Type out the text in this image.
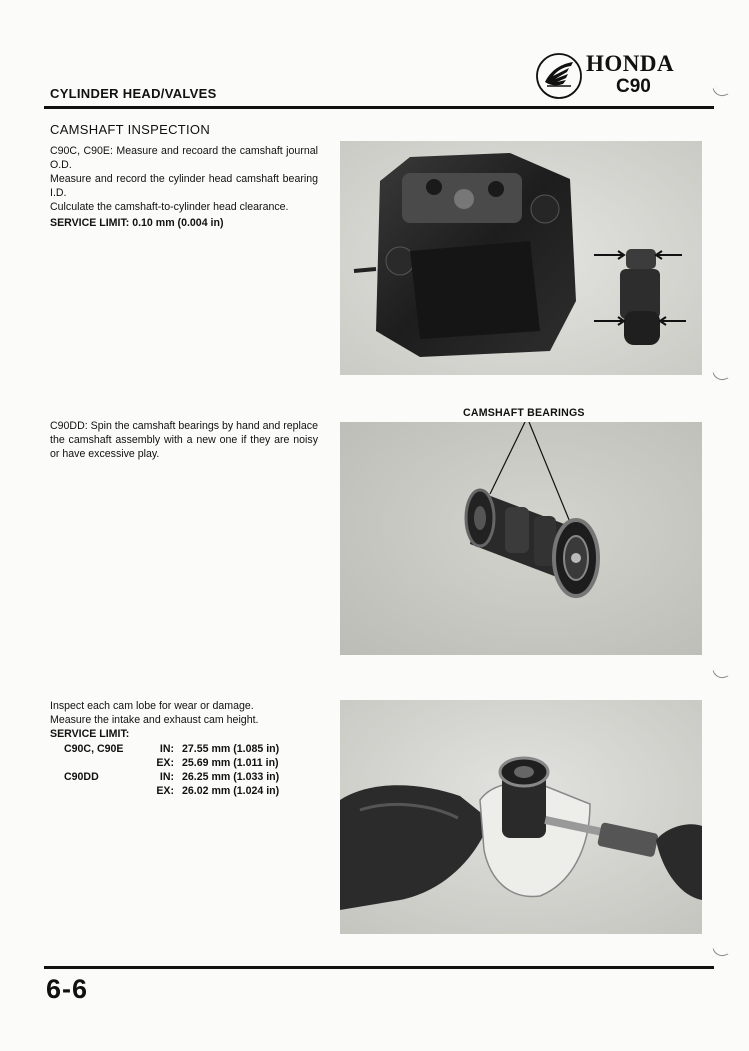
CYLINDER HEAD/VALVES
HONDA
C90
CAMSHAFT INSPECTION
C90C, C90E: Measure and recoard the camshaft journal O.D.
Measure and record the cylinder head camshaft bearing I.D.
Culculate the camshaft-to-cylinder head clearance.
SERVICE LIMIT: 0.10 mm (0.004 in)
C90DD: Spin the camshaft bearings by hand and replace the camshaft assembly with a new one if they are noisy or have excessive play.
CAMSHAFT BEARINGS
Inspect each cam lobe for wear or damage.
Measure the intake and exhaust cam height.
SERVICE LIMIT:
C90C, C90E	IN:	27.55 mm (1.085 in)
	EX:	25.69 mm (1.011 in)
C90DD	IN:	26.25 mm (1.033 in)
	EX:	26.02 mm (1.024 in)
6-6
